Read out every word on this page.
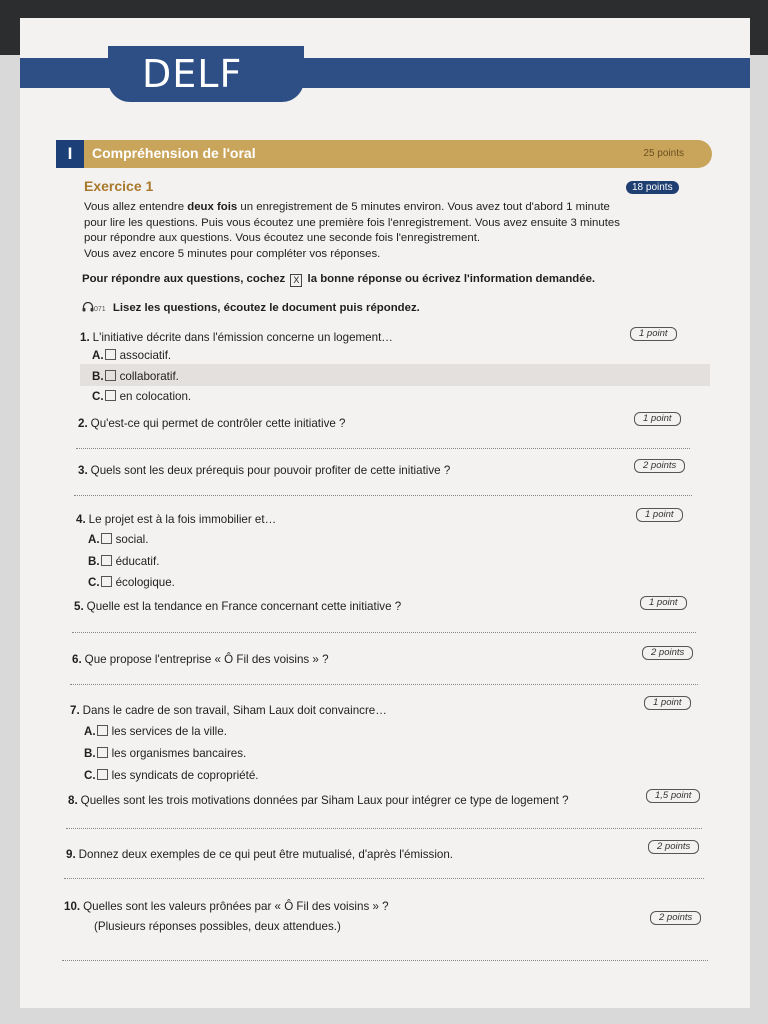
DELF
I	Compréhension de l'oral	25 points
Exercice 1	18 points

Vous allez entendre deux fois un enregistrement de 5 minutes environ. Vous avez tout d'abord 1 minute

pour lire les questions. Puis vous écoutez une première fois l'enregistrement. Vous avez ensuite 3 minutes

pour répondre aux questions. Vous écoutez une seconde fois l'enregistrement.

Vous avez encore 5 minutes pour compléter vos réponses.

Pour répondre aux questions, cochez X la bonne réponse ou écrivez l'information demandée.
071 Lisez les questions, écoutez le document puis répondez.
1. L'initiative décrite dans l'émission concerne un logement…	1 point
A. associatif.
B. collaboratif.
C. en colocation.
2. Qu'est-ce qui permet de contrôler cette initiative ?	1 point
3. Quels sont les deux prérequis pour pouvoir profiter de cette initiative ?	2 points
4. Le projet est à la fois immobilier et…	1 point
A. social.
B. éducatif.
C. écologique.
5. Quelle est la tendance en France concernant cette initiative ?	1 point
6. Que propose l'entreprise « Ô Fil des voisins » ?
2 points
7. Dans le cadre de son travail, Siham Laux doit convaincre…
1 point
A. les services de la ville.
B. les organismes bancaires.
C. les syndicats de copropriété.
8. Quelles sont les trois motivations données par Siham Laux pour intégrer ce type de logement ?	1,5 point
9. Donnez deux exemples de ce qui peut être mutualisé, d'après l'émission.
2 points
10. Quelles sont les valeurs prônées par « Ô Fil des voisins » ?
(Plusieurs réponses possibles, deux attendues.)
2 points
